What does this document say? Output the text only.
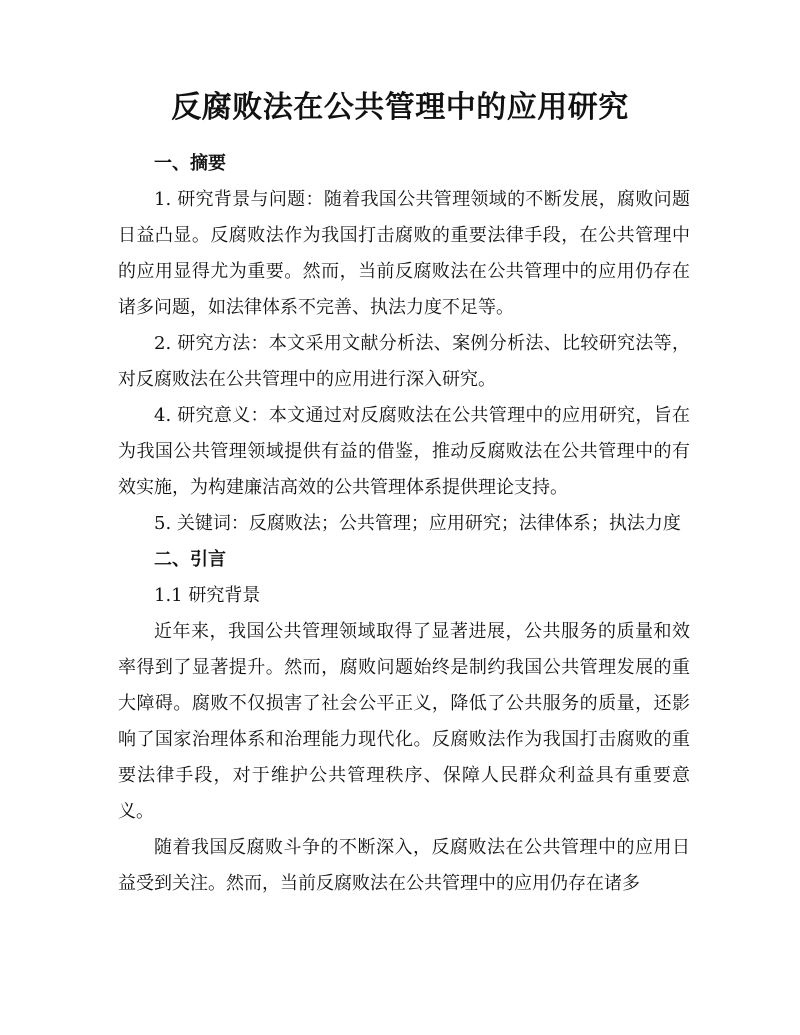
反腐败法在公共管理中的应用研究

一、摘要

1. 研究背景与问题：随着我国公共管理领域的不断发展，腐败问题日益凸显。反腐败法作为我国打击腐败的重要法律手段，在公共管理中的应用显得尤为重要。然而，当前反腐败法在公共管理中的应用仍存在诸多问题，如法律体系不完善、执法力度不足等。

2. 研究方法：本文采用文献分析法、案例分析法、比较研究法等，对反腐败法在公共管理中的应用进行深入研究。

4. 研究意义：本文通过对反腐败法在公共管理中的应用研究，旨在为我国公共管理领域提供有益的借鉴，推动反腐败法在公共管理中的有效实施，为构建廉洁高效的公共管理体系提供理论支持。

5. 关键词：反腐败法；公共管理；应用研究；法律体系；执法力度

二、引言

1.1 研究背景

近年来，我国公共管理领域取得了显著进展，公共服务的质量和效率得到了显著提升。然而，腐败问题始终是制约我国公共管理发展的重大障碍。腐败不仅损害了社会公平正义，降低了公共服务的质量，还影响了国家治理体系和治理能力现代化。反腐败法作为我国打击腐败的重要法律手段，对于维护公共管理秩序、保障人民群众利益具有重要意义。

随着我国反腐败斗争的不断深入，反腐败法在公共管理中的应用日益受到关注。然而，当前反腐败法在公共管理中的应用仍存在诸多
